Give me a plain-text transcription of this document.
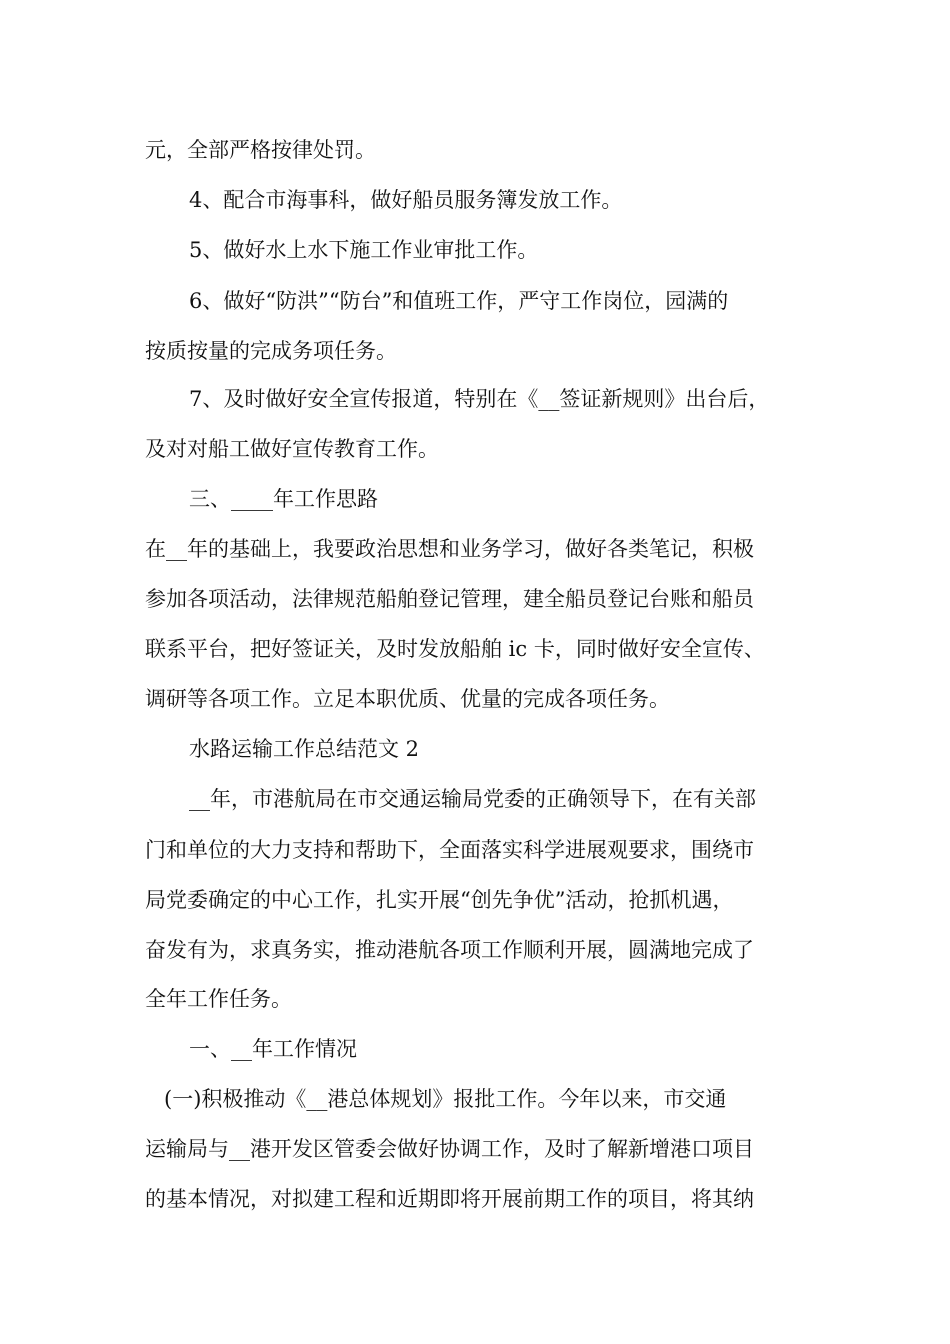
元，全部严格按律处罚。
4、配合市海事科，做好船员服务簿发放工作。
5、做好水上水下施工作业审批工作。
6、做好“防洪”“防台”和值班工作，严守工作岗位，园满的
按质按量的完成务项任务。
7、及时做好安全宣传报道，特别在《__签证新规则》出台后，
及对对船工做好宣传教育工作。
三、____年工作思路
在__年的基础上，我要政治思想和业务学习，做好各类笔记，积极
参加各项活动，法律规范船舶登记管理，建全船员登记台账和船员
联系平台，把好签证关，及时发放船舶 ic 卡，同时做好安全宣传、
调研等各项工作。立足本职优质、优量的完成各项任务。
水路运输工作总结范文 2
__年，市港航局在市交通运输局党委的正确领导下，在有关部
门和单位的大力支持和帮助下，全面落实科学进展观要求，围绕市
局党委确定的中心工作，扎实开展“创先争优”活动，抢抓机遇，
奋发有为，求真务实，推动港航各项工作顺利开展，圆满地完成了
全年工作任务。
一、__年工作情况
(一)积极推动《__港总体规划》报批工作。今年以来，市交通
运输局与__港开发区管委会做好协调工作，及时了解新增港口项目
的基本情况，对拟建工程和近期即将开展前期工作的项目，将其纳
